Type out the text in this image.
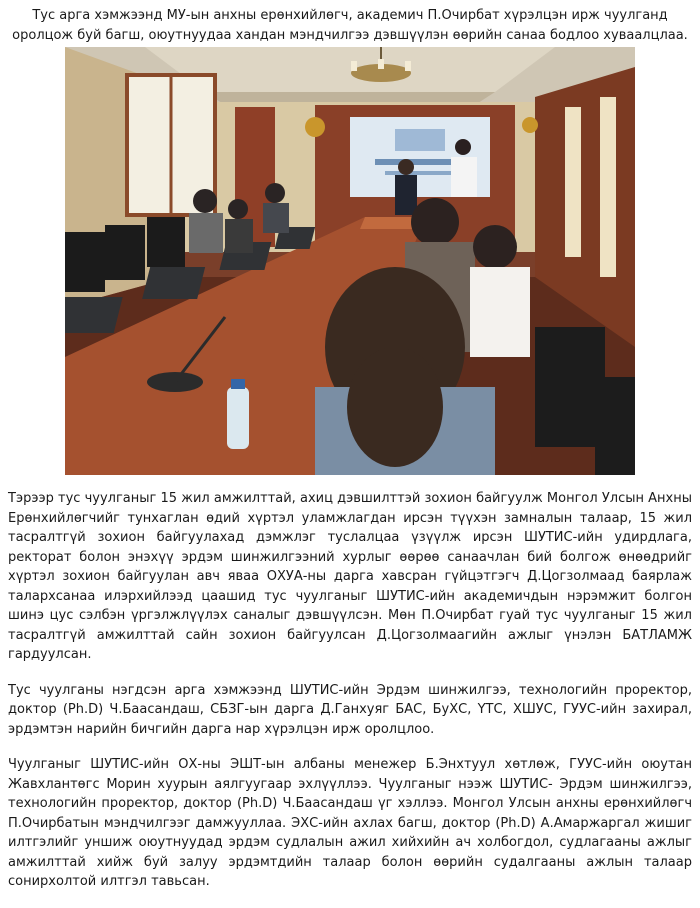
Тус арга хэмжээнд МУ-ын анхны ерөнхийлөгч, академич П.Очирбат хүрэлцэн ирж чуулганд оролцож буй багш, оюутнуудаа хандан мэндчилгээ дэвшүүлэн өөрийн санаа бодлоо хуваалцлаа.

Тэрээр тус чуулганыг 15 жил амжилттай, ахиц дэвшилттэй зохион байгуулж Монгол Улсын Анхны Ерөнхийлөгчийг тунхаглан өдий хүртэл уламжлагдан ирсэн түүхэн замналын талаар, 15 жил тасралтгүй зохион байгуулахад дэмжлэг туслалцаа үзүүлж ирсэн ШУТИС-ийн удирдлага, ректорат болон энэхүү эрдэм шинжилгээний хурлыг өөрөө санаачлан бий болгож өнөөдрийг хүртэл зохион байгуулан авч яваа ОХУА-ны дарга хавсран гүйцэтгэгч Д.Цогзолмаад баярлаж талархсанаа илэрхийлээд цаашид тус чуулганыг ШУТИС-ийн академичдын нэрэмжит болгон шинэ цус сэлбэн үргэлжлүүлэх саналыг дэвшүүлсэн. Мөн П.Очирбат гуай тус чуулганыг 15 жил тасралтгүй амжилттай сайн зохион байгуулсан Д.Цогзолмаагийн ажлыг үнэлэн БАТЛАМЖ гардуулсан.

Тус чуулганы нэгдсэн арга хэмжээнд ШУТИС-ийн Эрдэм шинжилгээ, технологийн проректор, доктор (Ph.D) Ч.Баасандаш, СБЗГ-ын дарга Д.Ганхуяг БАС, БуХС, ҮТС, ХШУС, ГУУС-ийн захирал, эрдэмтэн нарийн бичгийн дарга нар хүрэлцэн ирж оролцлоо.

Чуулганыг ШУТИС-ийн ОХ-ны ЭШТ-ын албаны менежер Б.Энхтуул хөтлөж, ГУУС-ийн оюутан Жавхлантөгс Морин хуурын аялгуугаар эхлүүллээ. Чуулганыг нээж ШУТИС- Эрдэм шинжилгээ, технологийн проректор, доктор (Ph.D) Ч.Баасандаш үг хэллээ. Монгол Улсын анхны ерөнхийлөгч П.Очирбатын мэндчилгээг дамжууллаа. ЭХС-ийн ахлах багш, доктор (Ph.D) А.Амаржаргал жишиг илтгэлийг уншиж оюутнуудад эрдэм судлалын ажил хийхийн ач холбогдол, судлагааны ажлыг амжилттай хийж буй залуу эрдэмтдийн талаар болон өөрийн судалгааны ажлын талаар сонирхолтой илтгэл тавьсан.
